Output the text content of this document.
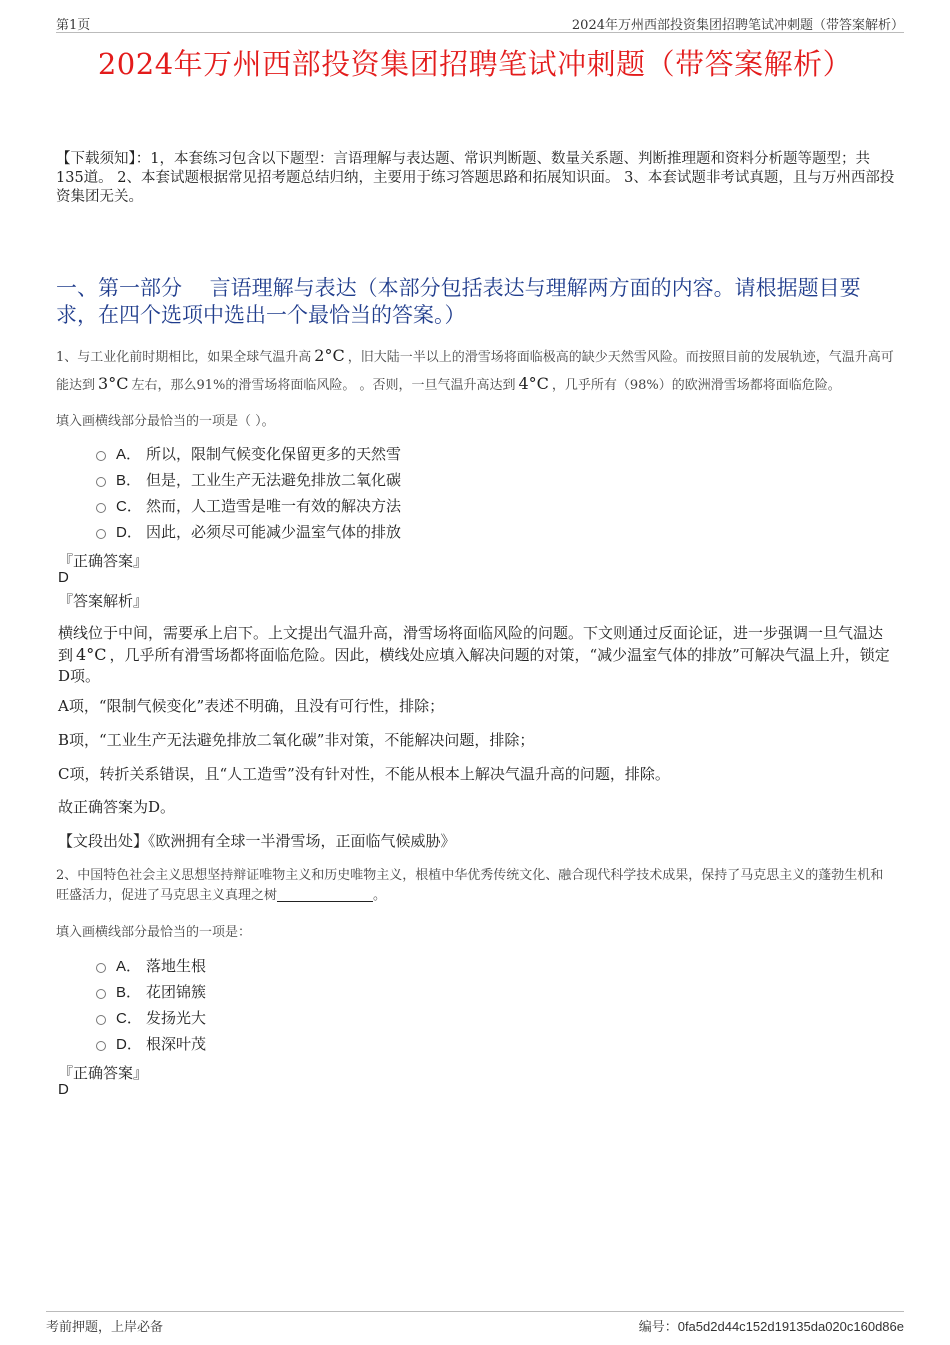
第1页	2024年万州西部投资集团招聘笔试冲刺题（带答案解析）
2024年万州西部投资集团招聘笔试冲刺题（带答案解析）
【下载须知】：1，本套练习包含以下题型：言语理解与表达题、常识判断题、数量关系题、判断推理题和资料分析题等题型；共135道。 2、本套试题根据常见招考题总结归纳，主要用于练习答题思路和拓展知识面。 3、本套试题非考试真题，且与万州西部投资集团无关。
一、第一部分　 言语理解与表达（本部分包括表达与理解两方面的内容。请根据题目要求，在四个选项中选出一个最恰当的答案。）
1、与工业化前时期相比，如果全球气温升高 2°C ，旧大陆一半以上的滑雪场将面临极高的缺少天然雪风险。而按照目前的发展轨迹，气温升高可能达到 3°C 左右，那么91%的滑雪场将面临风险。 。否则，一旦气温升高达到 4°C ，几乎所有（98%）的欧洲滑雪场都将面临危险。
填入画横线部分最恰当的一项是（ ）。
A． 所以，限制气候变化保留更多的天然雪
B． 但是，工业生产无法避免排放二氧化碳
C． 然而，人工造雪是唯一有效的解决方法
D． 因此，必须尽可能减少温室气体的排放
『正确答案』
D
『答案解析』
横线位于中间，需要承上启下。上文提出气温升高，滑雪场将面临风险的问题。下文则通过反面论证，进一步强调一旦气温达到 4°C ，几乎所有滑雪场都将面临危险。因此，横线处应填入解决问题的对策，“减少温室气体的排放”可解决气温上升，锁定D项。
A项，“限制气候变化”表述不明确，且没有可行性，排除；
B项，“工业生产无法避免排放二氧化碳”非对策，不能解决问题，排除；
C项，转折关系错误，且“人工造雪”没有针对性，不能从根本上解决气温升高的问题，排除。
故正确答案为D。
【文段出处】《欧洲拥有全球一半滑雪场，正面临气候威胁》
2、中国特色社会主义思想坚持辩证唯物主义和历史唯物主义，根植中华优秀传统文化、融合现代科学技术成果，保持了马克思主义的蓬勃生机和旺盛活力，促进了马克思主义真理之树	。
填入画横线部分最恰当的一项是：
A． 落地生根
B． 花团锦簇
C． 发扬光大
D． 根深叶茂
『正确答案』
D
考前押题，上岸必备	编号：0fa5d2d44c152d19135da020c160d86e
